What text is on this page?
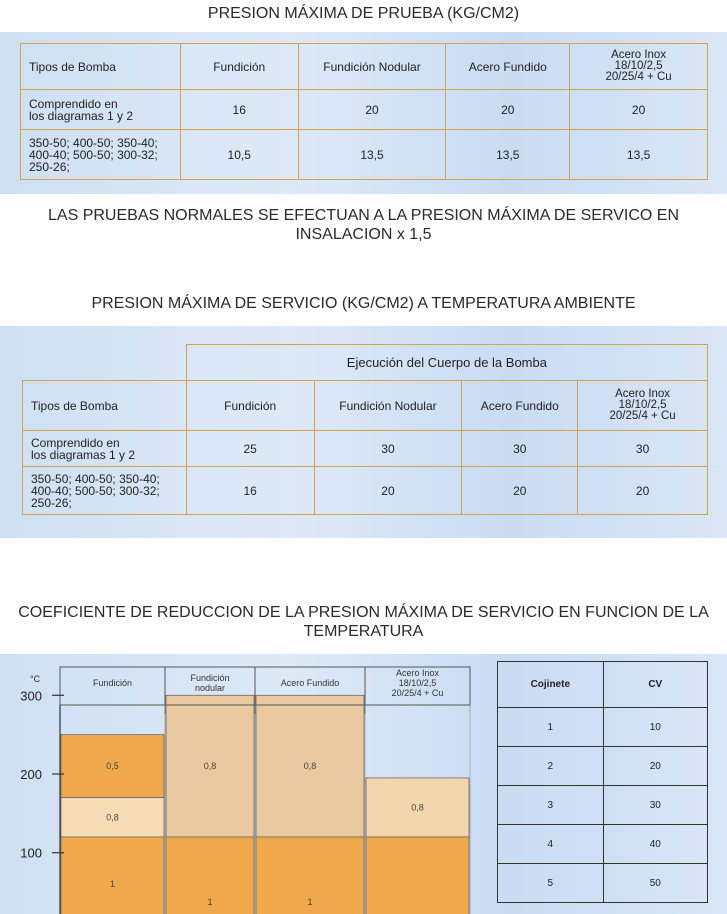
PRESION MÁXIMA DE PRUEBA (KG/CM2)
Tipos de Bomba	Fundición	Fundición Nodular	Acero Fundido	Acero Inox
18/10/2,5
20/25/4 + Cu
Comprendido en
los diagramas 1 y 2	16	20	20	20
350-50; 400-50; 350-40;
400-40; 500-50; 300-32;
250-26;	10,5	13,5	13,5	13,5
LAS PRUEBAS NORMALES SE EFECTUAN A LA PRESION MÁXIMA DE SERVICO EN INSALACION x 1,5
PRESION MÁXIMA DE SERVICIO (KG/CM2) A TEMPERATURA AMBIENTE
	Ejecución del Cuerpo de la Bomba			
Tipos de Bomba	Fundición	Fundición Nodular	Acero Fundido	Acero Inox
18/10/2,5
20/25/4 + Cu
Comprendido en
los diagramas 1 y 2	25	30	30	30
350-50; 400-50; 350-40;
400-40; 500-50; 300-32;
250-26;	16	20	20	20
COEFICIENTE DE REDUCCION DE LA PRESION MÁXIMA DE SERVICIO EN FUNCION DE LA TEMPERATURA
0,5
0,8
1
0,8
1
0,8
1
0,8
Fundición	Fundición nodular	Acero Fundido
Acero Inox 18/10/2,5 20/25/4 + Cu
°C
300
200
100
Cojinete	CV
1	10
2	20
3	30
4	40
5	50
